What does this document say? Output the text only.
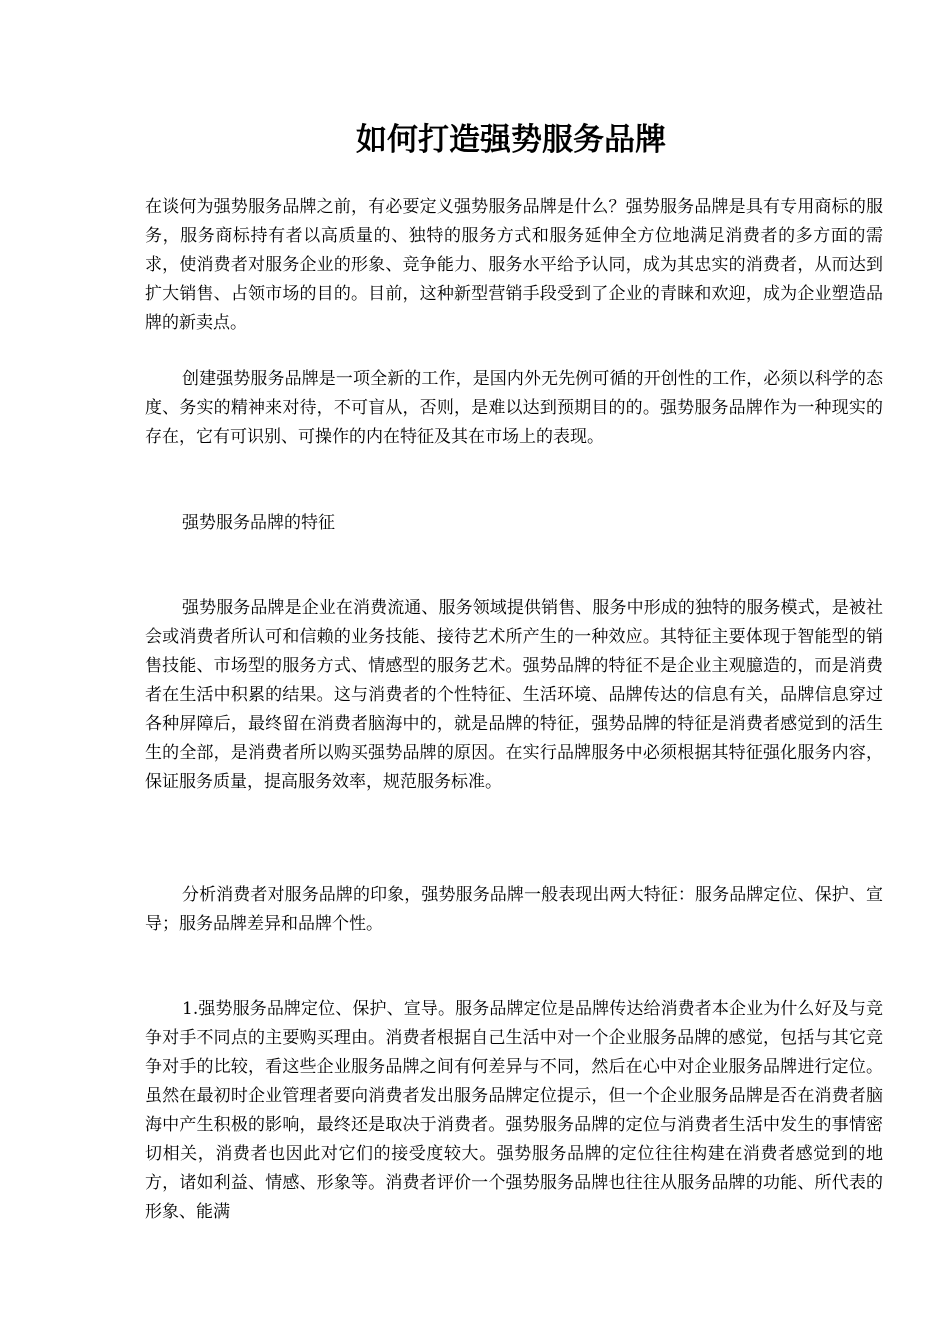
如何打造强势服务品牌

在谈何为强势服务品牌之前，有必要定义强势服务品牌是什么？强势服务品牌是具有专用商标的服务，服务商标持有者以高质量的、独特的服务方式和服务延伸全方位地满足消费者的多方面的需求，使消费者对服务企业的形象、竞争能力、服务水平给予认同，成为其忠实的消费者，从而达到扩大销售、占领市场的目的。目前，这种新型营销手段受到了企业的青睐和欢迎，成为企业塑造品牌的新卖点。

创建强势服务品牌是一项全新的工作，是国内外无先例可循的开创性的工作，必须以科学的态度、务实的精神来对待，不可盲从，否则，是难以达到预期目的的。强势服务品牌作为一种现实的存在，它有可识别、可操作的内在特征及其在市场上的表现。

强势服务品牌的特征

强势服务品牌是企业在消费流通、服务领域提供销售、服务中形成的独特的服务模式，是被社会或消费者所认可和信赖的业务技能、接待艺术所产生的一种效应。其特征主要体现于智能型的销售技能、市场型的服务方式、情感型的服务艺术。强势品牌的特征不是企业主观臆造的，而是消费者在生活中积累的结果。这与消费者的个性特征、生活环境、品牌传达的信息有关，品牌信息穿过各种屏障后，最终留在消费者脑海中的，就是品牌的特征，强势品牌的特征是消费者感觉到的活生生的全部，是消费者所以购买强势品牌的原因。在实行品牌服务中必须根据其特征强化服务内容，保证服务质量，提高服务效率，规范服务标准。

分析消费者对服务品牌的印象，强势服务品牌一般表现出两大特征：服务品牌定位、保护、宣导；服务品牌差异和品牌个性。

1.强势服务品牌定位、保护、宣导。服务品牌定位是品牌传达给消费者本企业为什么好及与竞争对手不同点的主要购买理由。消费者根据自己生活中对一个企业服务品牌的感觉，包括与其它竞争对手的比较，看这些企业服务品牌之间有何差异与不同，然后在心中对企业服务品牌进行定位。虽然在最初时企业管理者要向消费者发出服务品牌定位提示，但一个企业服务品牌是否在消费者脑海中产生积极的影响，最终还是取决于消费者。强势服务品牌的定位与消费者生活中发生的事情密切相关，消费者也因此对它们的接受度较大。强势服务品牌的定位往往构建在消费者感觉到的地方，诸如利益、情感、形象等。消费者评价一个强势服务品牌也往往从服务品牌的功能、所代表的形象、能满
